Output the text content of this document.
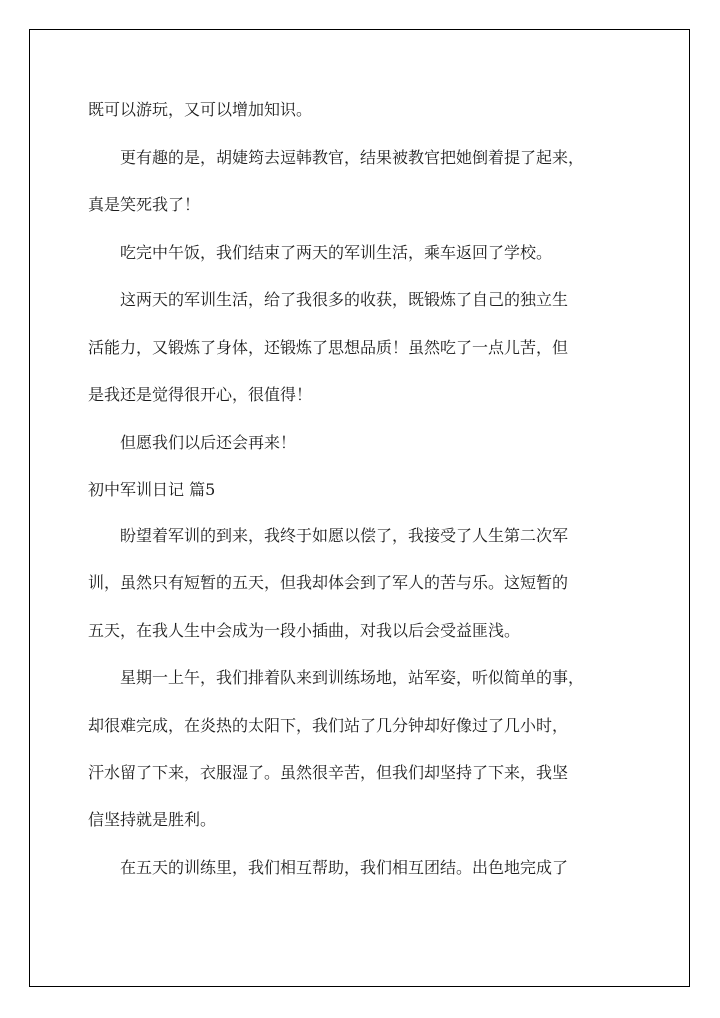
既可以游玩，又可以增加知识。

更有趣的是，胡婕筠去逗韩教官，结果被教官把她倒着提了起来，

真是笑死我了！

吃完中午饭，我们结束了两天的军训生活，乘车返回了学校。

这两天的军训生活，给了我很多的收获，既锻炼了自己的独立生

活能力，又锻炼了身体，还锻炼了思想品质！虽然吃了一点儿苦，但

是我还是觉得很开心，很值得！

但愿我们以后还会再来！

初中军训日记 篇5

盼望着军训的到来，我终于如愿以偿了，我接受了人生第二次军

训，虽然只有短暂的五天，但我却体会到了军人的苦与乐。这短暂的

五天，在我人生中会成为一段小插曲，对我以后会受益匪浅。

星期一上午，我们排着队来到训练场地，站军姿，听似简单的事，

却很难完成，在炎热的太阳下，我们站了几分钟却好像过了几小时，

汗水留了下来，衣服湿了。虽然很辛苦，但我们却坚持了下来，我坚

信坚持就是胜利。

在五天的训练里，我们相互帮助，我们相互团结。出色地完成了
